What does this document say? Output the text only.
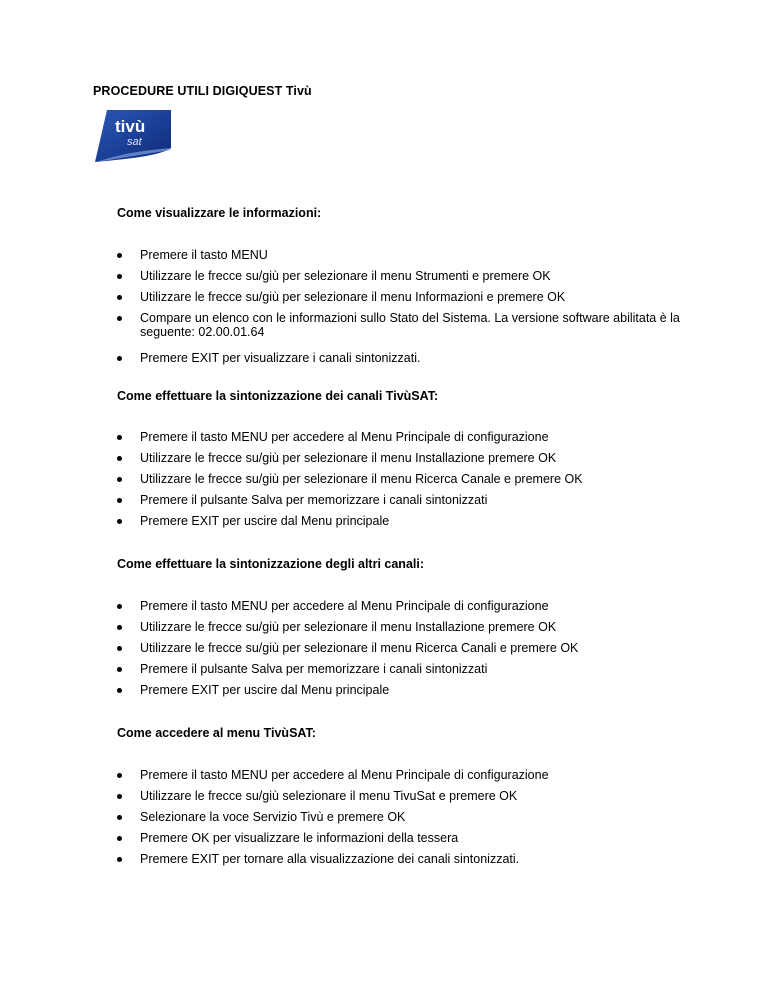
PROCEDURE UTILI DIGIQUEST Tivù
tivù
sat
Come visualizzare le informazioni:
Premere il tasto MENU
Utilizzare le frecce su/giù per selezionare il menu Strumenti e premere OK
Utilizzare le frecce su/giù per selezionare il menu Informazioni e premere OK
Compare un elenco con le informazioni sullo Stato del Sistema. La versione software abilitata è la seguente: 02.00.01.64
Premere EXIT per visualizzare i canali sintonizzati.
Come effettuare la sintonizzazione dei canali TivùSAT:
Premere il tasto MENU per accedere al Menu Principale di configurazione
Utilizzare le frecce su/giù per selezionare il menu Installazione premere OK
Utilizzare le frecce su/giù per selezionare il menu Ricerca Canale e premere OK
Premere il pulsante Salva per memorizzare i canali sintonizzati
Premere EXIT per uscire dal Menu principale
Come effettuare la sintonizzazione degli altri canali:
Premere il tasto MENU per accedere al Menu Principale di configurazione
Utilizzare le frecce su/giù per selezionare il menu Installazione premere OK
Utilizzare le frecce su/giù per selezionare il menu Ricerca Canali e premere OK
Premere il pulsante Salva per memorizzare i canali sintonizzati
Premere EXIT per uscire dal Menu principale
Come accedere al menu TivùSAT:
Premere il tasto MENU per accedere al Menu Principale di configurazione
Utilizzare le frecce su/giù selezionare il menu TivuSat e premere OK
Selezionare la voce Servizio Tivù e premere OK
Premere OK per visualizzare le informazioni della tessera
Premere EXIT per tornare alla visualizzazione dei canali sintonizzati.
